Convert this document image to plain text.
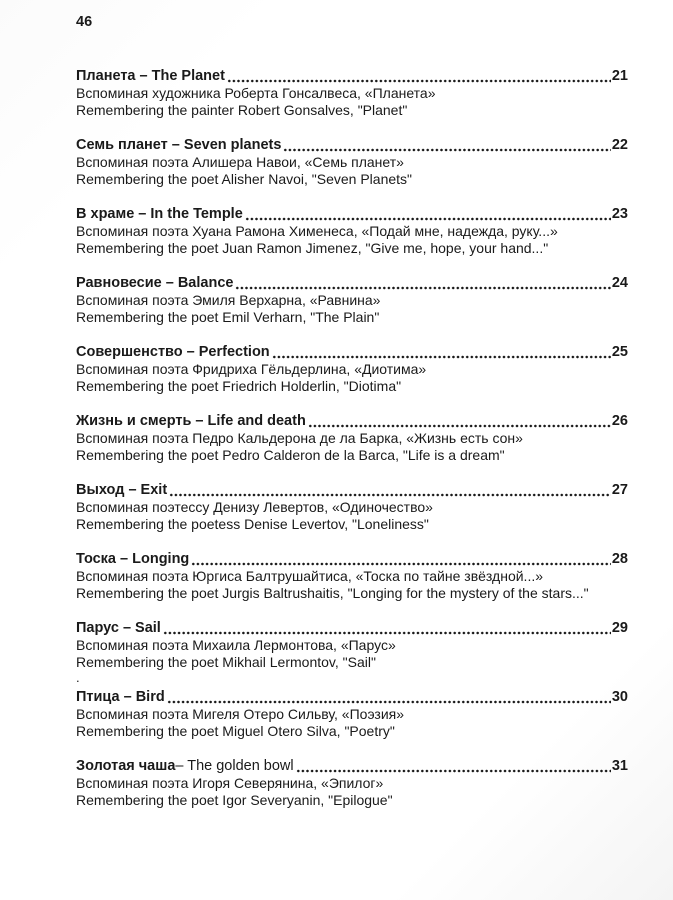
46
Планета – The Planet	21
Вспоминая художника Роберта Гонсалвеса, «Планета»
Remembering the painter Robert Gonsalves, "Planet"
Семь планет – Seven planets	22
Вспоминая поэта Алишера Навои, «Семь планет»
Remembering the poet Alisher Navoi, "Seven Planets"
В храме – In the Temple	23
Вспоминая поэта Хуана Рамона Хименеса, «Подай мне, надежда, руку...»
Remembering the poet Juan Ramon Jimenez, "Give me, hope, your hand..."
Равновесие – Balance	24
Вспоминая поэта Эмиля Верхарна, «Равнина»
Remembering the poet Emil Verharn, "The Plain"
Совершенство – Perfection	25
Вспоминая поэта Фридриха Гёльдерлина, «Диотима»
Remembering the poet Friedrich Holderlin, "Diotima"
Жизнь и смерть – Life and death	26
Вспоминая поэта Педро Кальдерона де ла Барка, «Жизнь есть сон»
Remembering the poet Pedro Calderon de la Barca, "Life is a dream"
Выход – Exit	27
Вспоминая поэтессу Денизу Левертов, «Одиночество»
Remembering the poetess Denise Levertov, "Loneliness"
Тоска – Longing	28
Вспоминая поэта Юргиса Балтрушайтиса, «Тоска по тайне звёздной...»
Remembering the poet Jurgis Baltrushaitis, "Longing for the mystery of the stars..."
Парус – Sail	29
Вспоминая поэта Михаила Лермонтова, «Парус»
Remembering the poet Mikhail Lermontov, "Sail"
.
Птица – Bird	30
Вспоминая поэта Мигеля Отеро Сильву, «Поэзия»
Remembering the poet Miguel Otero Silva, "Poetry"
Золотая чаша – The golden bowl	31
Вспоминая поэта Игоря Северянина, «Эпилог»
Remembering the poet Igor Severyanin, "Epilogue"
